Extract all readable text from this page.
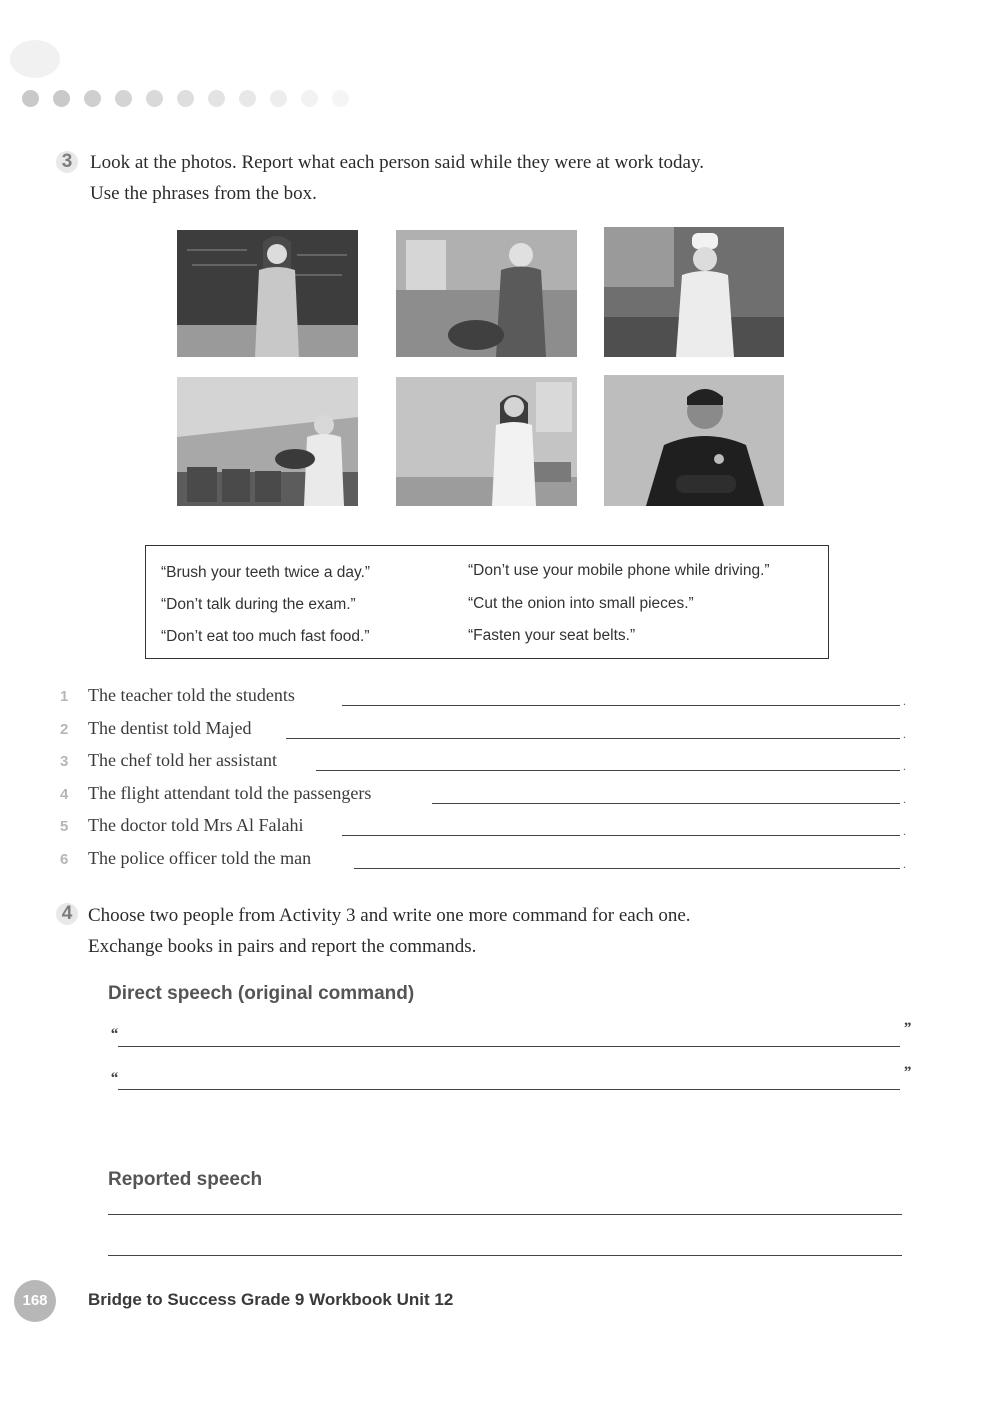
3 Look at the photos. Report what each person said while they were at work today.
Use the phrases from the box.
“Brush your teeth twice a day.”
“Don’t talk during the exam.”
“Don’t eat too much fast food.”
“Don’t use your mobile phone while driving.”
“Cut the onion into small pieces.”
“Fasten your seat belts.”
1 The teacher told the students	.
2 The dentist told Majed	.
3 The chef told her assistant	.
4 The flight attendant told the passengers	.
5 The doctor told Mrs Al Falahi	.
6 The police officer told the man	.
4 Choose two people from Activity 3 and write one more command for each one.
Exchange books in pairs and report the commands.
Direct speech (original command)
“	”
“	”
Reported speech
168	Bridge to Success Grade 9 Workbook Unit 12
